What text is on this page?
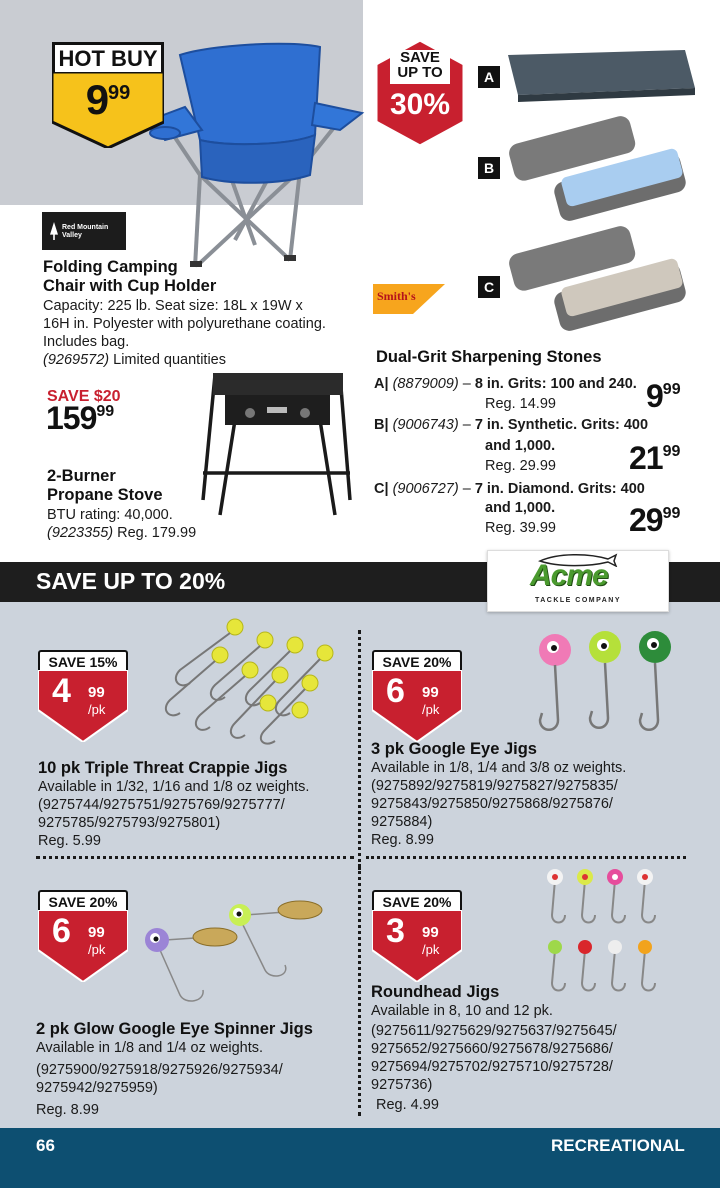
HOT BUY
999
Red Mountain Valley
Folding Camping
Chair with Cup Holder
Capacity: 225 lb. Seat size: 18L x 19W x
16H in. Polyester with polyurethane coating.
Includes bag.
(9269572) Limited quantities
SAVE $20
15999
2-Burner
Propane Stove
BTU rating: 40,000.
(9223355) Reg. 179.99
SAVE
UP TO
30%
A
B
C
Smith's
Dual-Grit Sharpening Stones
A| (8879009) – 8 in. Grits: 100 and 240.
Reg. 14.99	999
B| (9006743) – 7 in. Synthetic. Grits: 400
and 1,000.
Reg. 29.99 2199
C| (9006727) – 7 in. Diamond. Grits: 400
and 1,000.
Reg. 39.99 2999
SAVE UP TO 20%	Acme
TACKLE COMPANY
SAVE 15%
4 99
/pk
10 pk Triple Threat Crappie Jigs
Available in 1/32, 1/16 and 1/8 oz weights.
(9275744/9275751/9275769/9275777/
9275785/9275793/9275801)
Reg. 5.99
SAVE 20%
6 99
/pk
3 pk Google Eye Jigs
Available in 1/8, 1/4 and 3/8 oz weights.
(9275892/9275819/9275827/9275835/
9275843/9275850/9275868/9275876/
9275884)
Reg. 8.99
SAVE 20%
6 99
/pk
2 pk Glow Google Eye Spinner Jigs
Available in 1/8 and 1/4 oz weights.
(9275900/9275918/9275926/9275934/
9275942/9275959)
Reg. 8.99
SAVE 20%
3 99
/pk
Roundhead Jigs
Available in 8, 10 and 12 pk.
(9275611/9275629/9275637/9275645/
9275652/9275660/9275678/9275686/
9275694/9275702/9275710/9275728/
9275736)
Reg. 4.99
66	RECREATIONAL
